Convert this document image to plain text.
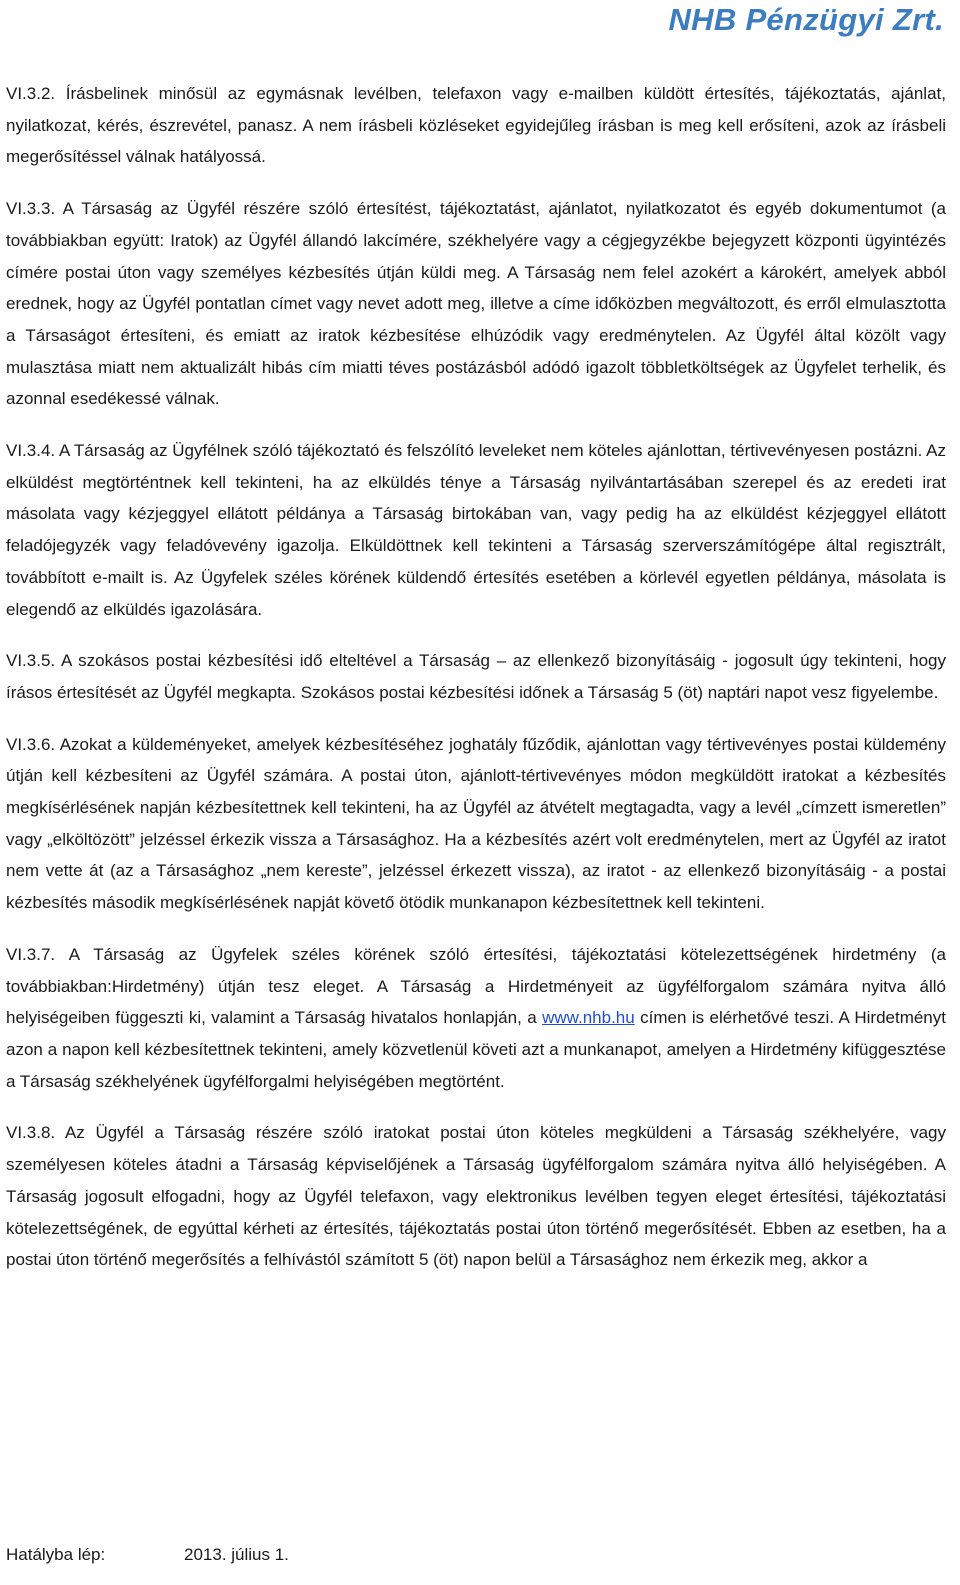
NHB Pénzügyi Zrt.

VI.3.2. Írásbelinek minősül az egymásnak levélben, telefaxon vagy e-mailben küldött értesítés, tájékoztatás, ajánlat, nyilatkozat, kérés, észrevétel, panasz. A nem írásbeli közléseket egyidejűleg írásban is meg kell erősíteni, azok az írásbeli megerősítéssel válnak hatályossá.

VI.3.3. A Társaság az Ügyfél részére szóló értesítést, tájékoztatást, ajánlatot, nyilatkozatot és egyéb dokumentumot (a továbbiakban együtt: Iratok) az Ügyfél állandó lakcímére, székhelyére vagy a cégjegyzékbe bejegyzett központi ügyintézés címére postai úton vagy személyes kézbesítés útján küldi meg. A Társaság nem felel azokért a károkért, amelyek abból erednek, hogy az Ügyfél pontatlan címet vagy nevet adott meg, illetve a címe időközben megváltozott, és erről elmulasztotta a Társaságot értesíteni, és emiatt az iratok kézbesítése elhúzódik vagy eredménytelen. Az Ügyfél által közölt vagy mulasztása miatt nem aktualizált hibás cím miatti téves postázásból adódó igazolt többletköltségek az Ügyfelet terhelik, és azonnal esedékessé válnak.

VI.3.4. A Társaság az Ügyfélnek szóló tájékoztató és felszólító leveleket nem köteles ajánlottan, tértivevényesen postázni. Az elküldést megtörténtnek kell tekinteni, ha az elküldés ténye a Társaság nyilvántartásában szerepel és az eredeti irat másolata vagy kézjeggyel ellátott példánya a Társaság birtokában van, vagy pedig ha az elküldést kézjeggyel ellátott feladójegyzék vagy feladóvevény igazolja. Elküldöttnek kell tekinteni a Társaság szerverszámítógépe által regisztrált, továbbított e-mailt is. Az Ügyfelek széles körének küldendő értesítés esetében a körlevél egyetlen példánya, másolata is elegendő az elküldés igazolására.

VI.3.5. A szokásos postai kézbesítési idő elteltével a Társaság – az ellenkező bizonyításáig - jogosult úgy tekinteni, hogy írásos értesítését az Ügyfél megkapta. Szokásos postai kézbesítési időnek a Társaság 5 (öt) naptári napot vesz figyelembe.

VI.3.6. Azokat a küldeményeket, amelyek kézbesítéséhez joghatály fűződik, ajánlottan vagy tértivevényes postai küldemény útján kell kézbesíteni az Ügyfél számára. A postai úton, ajánlott-tértivevényes módon megküldött iratokat a kézbesítés megkísérlésének napján kézbesítettnek kell tekinteni, ha az Ügyfél az átvételt megtagadta, vagy a levél „címzett ismeretlen” vagy „elköltözött” jelzéssel érkezik vissza a Társasághoz. Ha a kézbesítés azért volt eredménytelen, mert az Ügyfél az iratot nem vette át (az a Társasághoz „nem kereste”, jelzéssel érkezett vissza), az iratot - az ellenkező bizonyításáig - a postai kézbesítés második megkísérlésének napját követő ötödik munkanapon kézbesítettnek kell tekinteni.

VI.3.7. A Társaság az Ügyfelek széles körének szóló értesítési, tájékoztatási kötelezettségének hirdetmény (a továbbiakban:Hirdetmény) útján tesz eleget. A Társaság a Hirdetményeit az ügyfélforgalom számára nyitva álló helyiségeiben függeszti ki, valamint a Társaság hivatalos honlapján, a www.nhb.hu címen is elérhetővé teszi. A Hirdetményt azon a napon kell kézbesítettnek tekinteni, amely közvetlenül követi azt a munkanapot, amelyen a Hirdetmény kifüggesztése a Társaság székhelyének ügyfélforgalmi helyiségében megtörtént.

VI.3.8. Az Ügyfél a Társaság részére szóló iratokat postai úton köteles megküldeni a Társaság székhelyére, vagy személyesen köteles átadni a Társaság képviselőjének a Társaság ügyfélforgalom számára nyitva álló helyiségében. A Társaság jogosult elfogadni, hogy az Ügyfél telefaxon, vagy elektronikus levélben tegyen eleget értesítési, tájékoztatási kötelezettségének, de egyúttal kérheti az értesítés, tájékoztatás postai úton történő megerősítését. Ebben az esetben, ha a postai úton történő megerősítés a felhívástól számított 5 (öt) napon belül a Társasághoz nem érkezik meg, akkor a

Hatályba lép:	2013. július 1.
